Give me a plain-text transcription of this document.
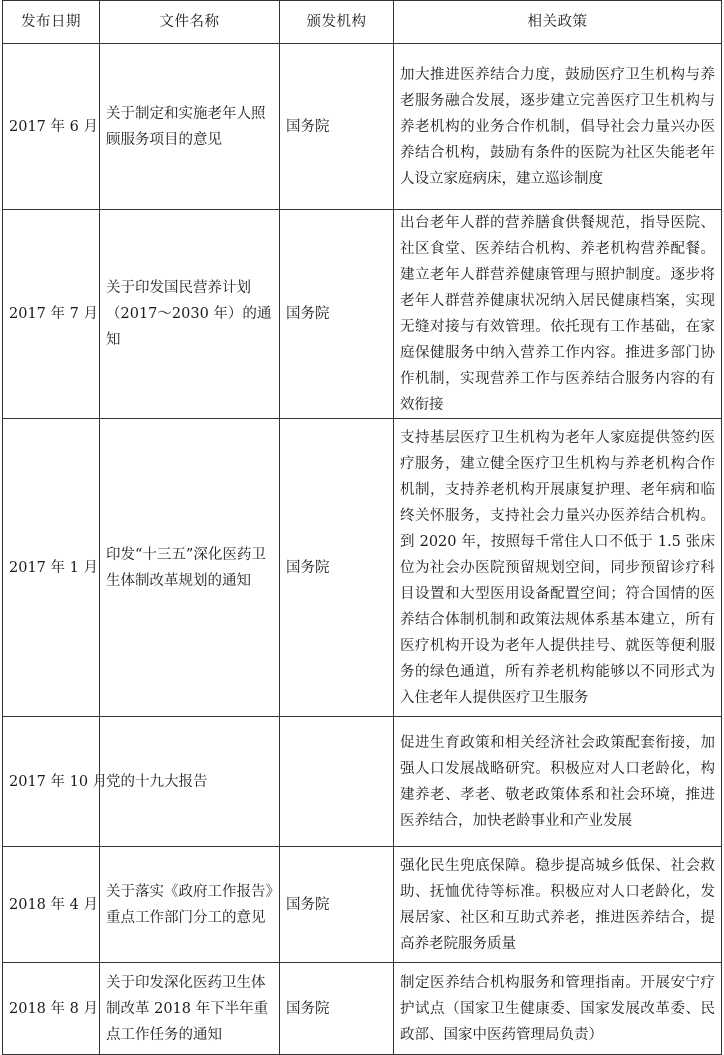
发布日期	文件名称	颁发机构	相关政策
2017 年 6 月	关于制定和实施老年人照顾服务项目的意见	国务院	加大推进医养结合力度，鼓励医疗卫生机构与养老服务融合发展，逐步建立完善医疗卫生机构与养老机构的业务合作机制，倡导社会力量兴办医养结合机构，鼓励有条件的医院为社区失能老年人设立家庭病床，建立巡诊制度
2017 年 7 月	关于印发国民营养计划（2017～2030 年）的通知	国务院	出台老年人群的营养膳食供餐规范，指导医院、社区食堂、医养结合机构、养老机构营养配餐。建立老年人群营养健康管理与照护制度。逐步将老年人群营养健康状况纳入居民健康档案，实现无缝对接与有效管理。依托现有工作基础，在家庭保健服务中纳入营养工作内容。推进多部门协作机制，实现营养工作与医养结合服务内容的有效衔接
2017 年 1 月	印发“十三五”深化医药卫生体制改革规划的通知	国务院	支持基层医疗卫生机构为老年人家庭提供签约医疗服务，建立健全医疗卫生机构与养老机构合作机制，支持养老机构开展康复护理、老年病和临终关怀服务，支持社会力量兴办医养结合机构。到 2020 年，按照每千常住人口不低于 1.5 张床位为社会办医院预留规划空间，同步预留诊疗科目设置和大型医用设备配置空间；符合国情的医养结合体制机制和政策法规体系基本建立，所有医疗机构开设为老年人提供挂号、就医等便利服务的绿色通道，所有养老机构能够以不同形式为入住老年人提供医疗卫生服务
2017 年 10 月	党的十九大报告		促进生育政策和相关经济社会政策配套衔接，加强人口发展战略研究。积极应对人口老龄化，构建养老、孝老、敬老政策体系和社会环境，推进医养结合，加快老龄事业和产业发展
2018 年 4 月	关于落实《政府工作报告》重点工作部门分工的意见	国务院	强化民生兜底保障。稳步提高城乡低保、社会救助、抚恤优待等标准。积极应对人口老龄化，发展居家、社区和互助式养老，推进医养结合，提高养老院服务质量
2018 年 8 月	关于印发深化医药卫生体制改革 2018 年下半年重点工作任务的通知	国务院	制定医养结合机构服务和管理指南。开展安宁疗护试点（国家卫生健康委、国家发展改革委、民政部、国家中医药管理局负责）
